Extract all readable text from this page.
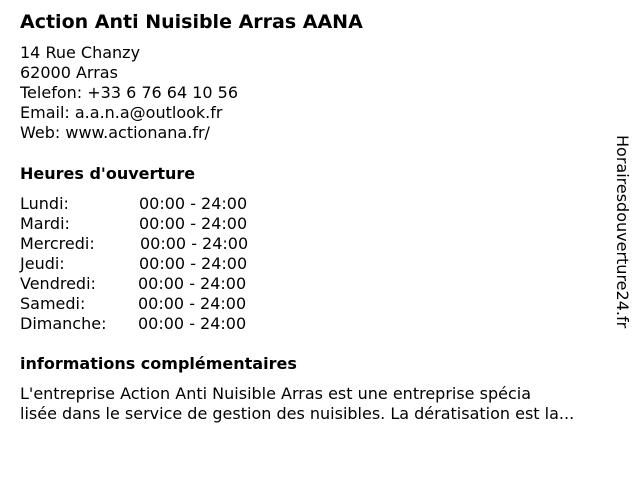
Action Anti Nuisible Arras AANA
14 Rue Chanzy
62000 Arras
Telefon: +33 6 76 64 10 56
Email: a.a.n.a@outlook.fr
Web: www.actionana.fr/
Heures d'ouverture
Lundi:	00:00 - 24:00
Mardi:	00:00 - 24:00
Mercredi:	00:00 - 24:00
Jeudi:	00:00 - 24:00
Vendredi:	00:00 - 24:00
Samedi:	00:00 - 24:00
Dimanche: 00:00 - 24:00
informations complémentaires
L'entreprise Action Anti Nuisible Arras est une entreprise spécia
lisée dans le service de gestion des nuisibles. La dératisation est la...
Horairesdouverture24.fr
